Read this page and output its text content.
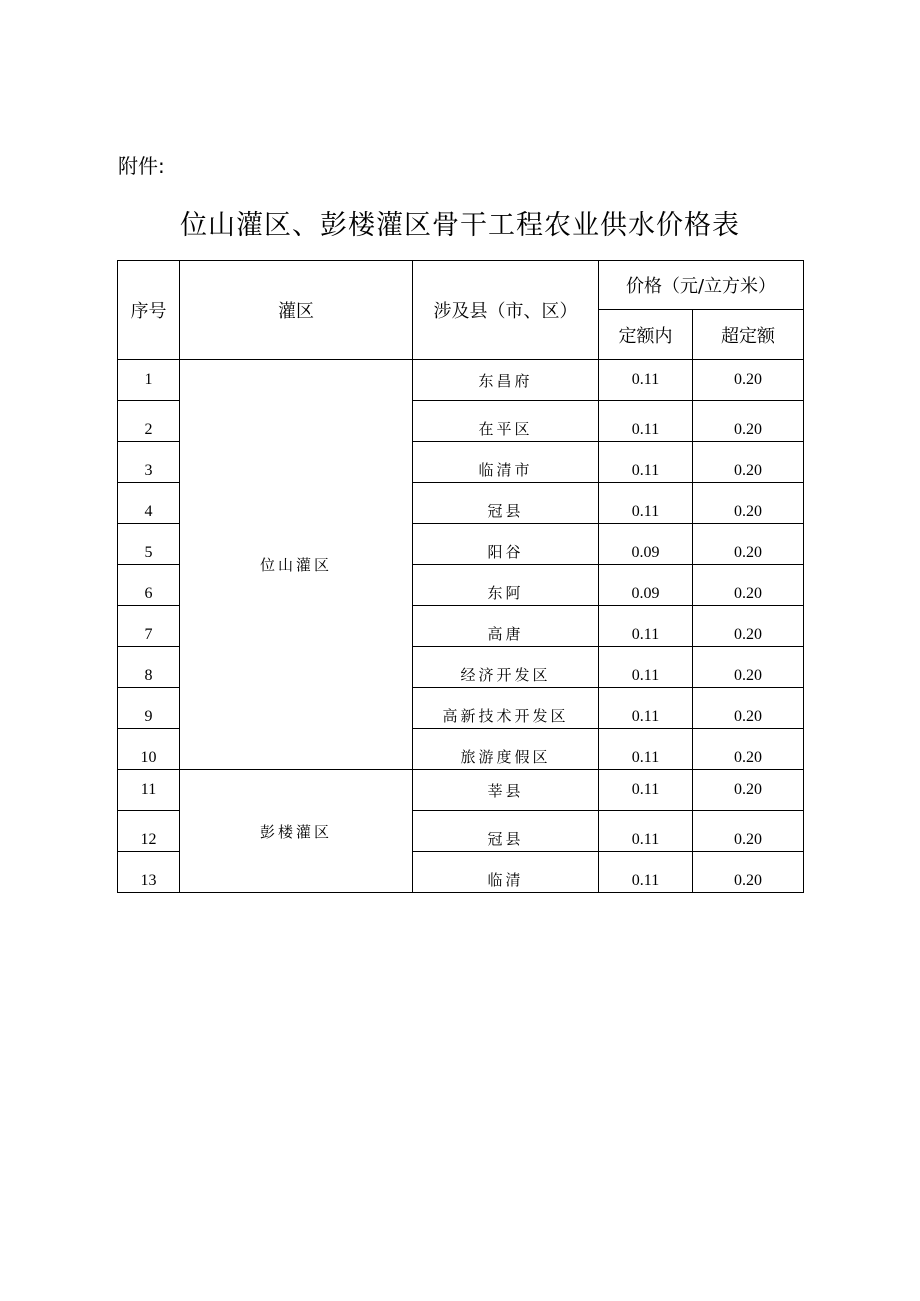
附件:
位山灌区、彭楼灌区骨干工程农业供水价格表
序号	灌区	涉及县（市、区）	价格（元/立方米）	
			定额内	超定额
1	位山灌区	东昌府	0.11	0.20
2		在平区	0.11	0.20
3		临清市	0.11	0.20
4		冠县	0.11	0.20
5		阳谷	0.09	0.20
6		东阿	0.09	0.20
7		高唐	0.11	0.20
8		经济开发区	0.11	0.20
9		高新技术开发区	0.11	0.20
10		旅游度假区	0.11	0.20
11	彭楼灌区	莘县	0.11	0.20
12		冠县	0.11	0.20
13		临清	0.11	0.20
